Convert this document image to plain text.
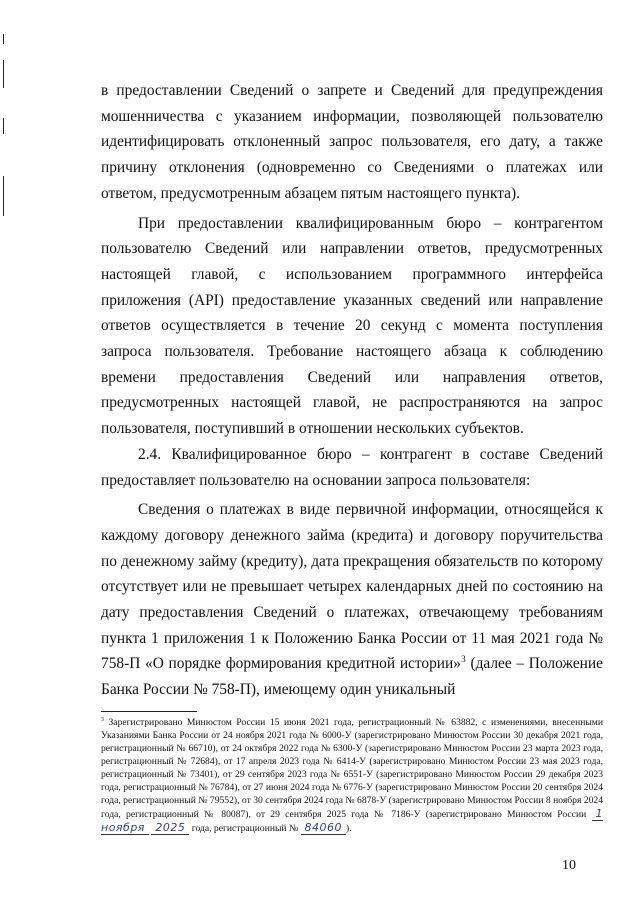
в предоставлении Сведений о запрете и Сведений для предупреждения мошенничества с указанием информации, позволяющей пользователю идентифицировать отклоненный запрос пользователя, его дату, а также причину отклонения (одновременно со Сведениями о платежах или ответом, предусмотренным абзацем пятым настоящего пункта).

При предоставлении квалифицированным бюро – контрагентом пользователю Сведений или направлении ответов, предусмотренных настоящей главой, с использованием программного интерфейса приложения (API) предоставление указанных сведений или направление ответов осуществляется в течение 20 секунд с момента поступления запроса пользователя. Требование настоящего абзаца к соблюдению времени предоставления Сведений или направления ответов, предусмотренных настоящей главой, не распространяются на запрос пользователя, поступивший в отношении нескольких субъектов.

2.4. Квалифицированное бюро – контрагент в составе Сведений предоставляет пользователю на основании запроса пользователя:

Сведения о платежах в виде первичной информации, относящейся к каждому договору денежного займа (кредита) и договору поручительства по денежному займу (кредиту), дата прекращения обязательств по которому отсутствует или не превышает четырех календарных дней по состоянию на дату предоставления Сведений о платежах, отвечающему требованиям пункта 1 приложения 1 к Положению Банка России от 11 мая 2021 года № 758-П «О порядке формирования кредитной истории»$^3$ (далее – Положение Банка России № 758-П), имеющему один уникальный

$^3$ Зарегистрировано Минюстом России 15 июня 2021 года, регистрационный № 63882, с изменениями, внесенными Указаниями Банка России от 24 ноября 2021 года № 6000-У (зарегистрировано Минюстом России 30 декабря 2021 года, регистрационный № 66710), от 24 октября 2022 года № 6300-У (зарегистрировано Минюстом России 23 марта 2023 года, регистрационный № 72684), от 17 апреля 2023 года № 6414-У (зарегистрировано Минюстом России 23 мая 2023 года, регистрационный № 73401), от 29 сентября 2023 года № 6551-У (зарегистрировано Минюстом России 29 декабря 2023 года, регистрационный № 76784), от 27 июня 2024 года № 6776-У (зарегистрировано Минюстом России 20 сентября 2024 года, регистрационный № 79552), от 30 сентября 2024 года № 6878-У (зарегистрировано Минюстом России 8 ноября 2024 года, регистрационный № 80087), от 29 сентября 2025 года № 7186-У (зарегистрировано Минюстом России 1 ноября 2025 года, регистрационный № 84060 ).

10
